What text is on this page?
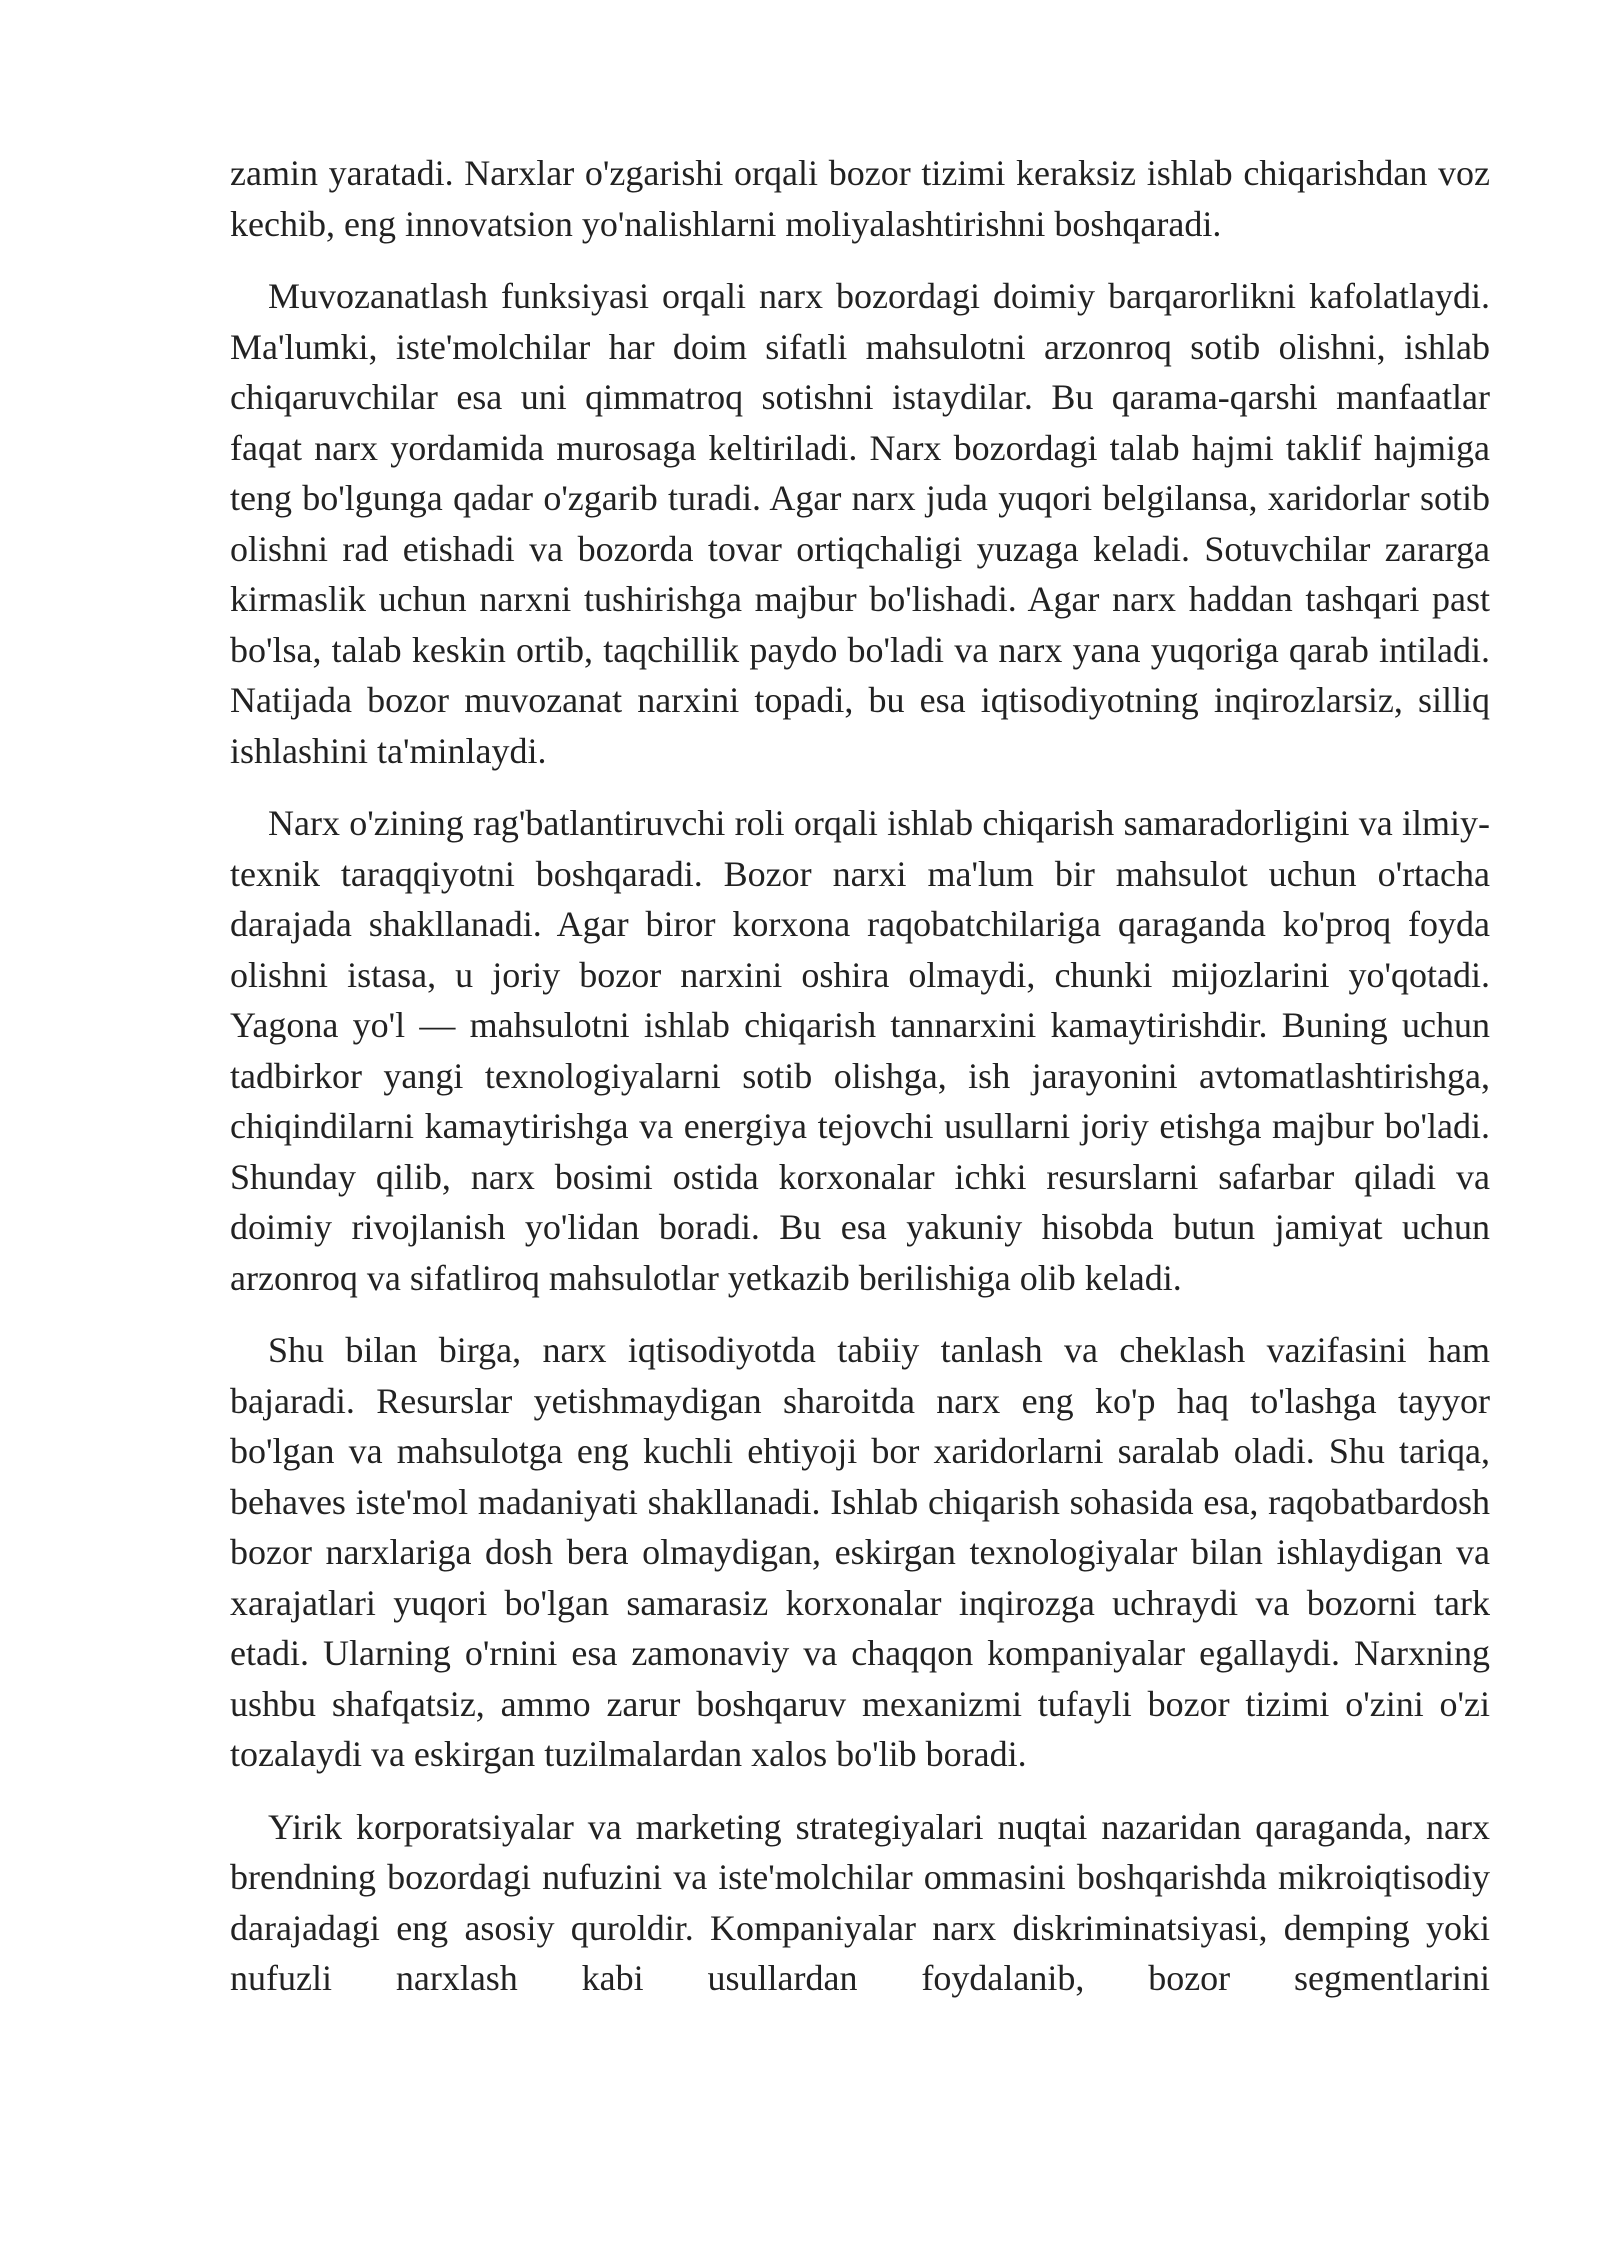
zamin yaratadi. Narxlar o'zgarishi orqali bozor tizimi keraksiz ishlab chiqarishdan voz kechib, eng innovatsion yo'nalishlarni moliyalashtirishni boshqaradi.

Muvozanatlash funksiyasi orqali narx bozordagi doimiy barqarorlikni kafolatlaydi. Ma'lumki, iste'molchilar har doim sifatli mahsulotni arzonroq sotib olishni, ishlab chiqaruvchilar esa uni qimmatroq sotishni istaydilar. Bu qarama-qarshi manfaatlar faqat narx yordamida murosaga keltiriladi. Narx bozordagi talab hajmi taklif hajmiga teng bo'lgunga qadar o'zgarib turadi. Agar narx juda yuqori belgilansa, xaridorlar sotib olishni rad etishadi va bozorda tovar ortiqchaligi yuzaga keladi. Sotuvchilar zararga kirmaslik uchun narxni tushirishga majbur bo'lishadi. Agar narx haddan tashqari past bo'lsa, talab keskin ortib, taqchillik paydo bo'ladi va narx yana yuqoriga qarab intiladi. Natijada bozor muvozanat narxini topadi, bu esa iqtisodiyotning inqirozlarsiz, silliq ishlashini ta'minlaydi.

Narx o'zining rag'batlantiruvchi roli orqali ishlab chiqarish samaradorligini va ilmiy-texnik taraqqiyotni boshqaradi. Bozor narxi ma'lum bir mahsulot uchun o'rtacha darajada shakllanadi. Agar biror korxona raqobatchilariga qaraganda ko'proq foyda olishni istasa, u joriy bozor narxini oshira olmaydi, chunki mijozlarini yo'qotadi. Yagona yo'l — mahsulotni ishlab chiqarish tannarxini kamaytirishdir. Buning uchun tadbirkor yangi texnologiyalarni sotib olishga, ish jarayonini avtomatlashtirishga, chiqindilarni kamaytirishga va energiya tejovchi usullarni joriy etishga majbur bo'ladi. Shunday qilib, narx bosimi ostida korxonalar ichki resurslarni safarbar qiladi va doimiy rivojlanish yo'lidan boradi. Bu esa yakuniy hisobda butun jamiyat uchun arzonroq va sifatliroq mahsulotlar yetkazib berilishiga olib keladi.

Shu bilan birga, narx iqtisodiyotda tabiiy tanlash va cheklash vazifasini ham bajaradi. Resurslar yetishmaydigan sharoitda narx eng ko'p haq to'lashga tayyor bo'lgan va mahsulotga eng kuchli ehtiyoji bor xaridorlarni saralab oladi. Shu tariqa, behaves iste'mol madaniyati shakllanadi. Ishlab chiqarish sohasida esa, raqobatbardosh bozor narxlariga dosh bera olmaydigan, eskirgan texnologiyalar bilan ishlaydigan va xarajatlari yuqori bo'lgan samarasiz korxonalar inqirozga uchraydi va bozorni tark etadi. Ularning o'rnini esa zamonaviy va chaqqon kompaniyalar egallaydi. Narxning ushbu shafqatsiz, ammo zarur boshqaruv mexanizmi tufayli bozor tizimi o'zini o'zi tozalaydi va eskirgan tuzilmalardan xalos bo'lib boradi.

Yirik korporatsiyalar va marketing strategiyalari nuqtai nazaridan qaraganda, narx brendning bozordagi nufuzini va iste'molchilar ommasini boshqarishda mikroiqtisodiy darajadagi eng asosiy quroldir. Kompaniyalar narx diskriminatsiyasi, demping yoki nufuzli narxlash kabi usullardan foydalanib, bozor segmentlarini
